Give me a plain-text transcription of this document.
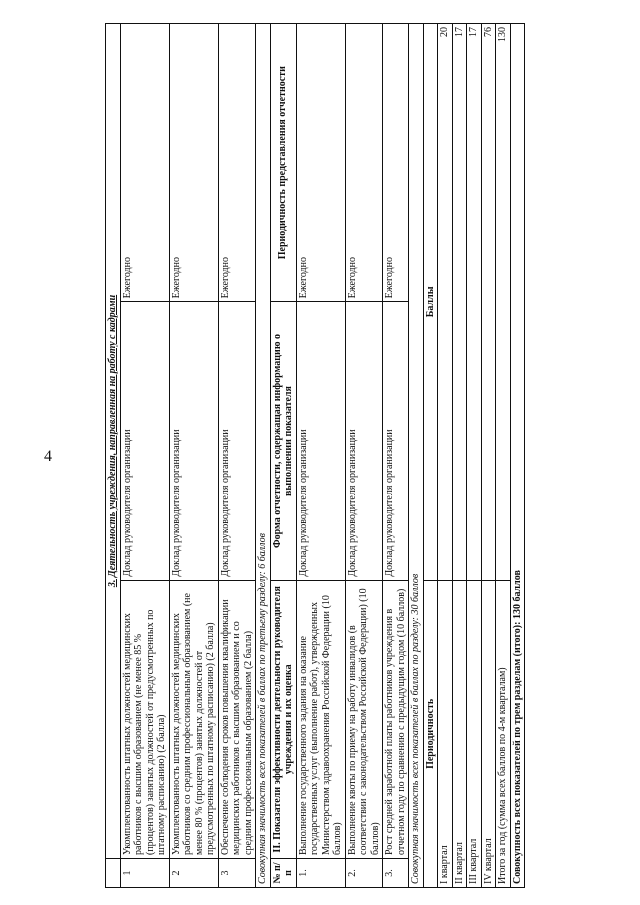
4
		3. Деятельность учреждения, направленная на работу с кадрами		
1	Укомплектованность штатных должностей медицинских работников с высшим образованием (не менее 85 % (процентов) занятых должностей от предусмотренных по штатному расписанию) (2 балла)	Доклад руководителя организации	Ежегодно
2	Укомплектованность штатных должностей медицинских работников со средним профессиональным образованием (не менее 80 % (процентов) занятых должностей от предусмотренных по штатному расписанию) (2 балла)	Доклад руководителя организации	Ежегодно
3	Обеспечение соблюдения сроков повышения квалификации медицинских работников с высшим образованием и со средним профессиональным образованием (2 балла)	Доклад руководителя организации	Ежегодно
Совокупная значимость всех показателей в баллах по третьему разделу: 6 баллов			
№ п/п	II. Показатели эффективности деятельности руководителя учреждения и их оценка	Форма отчетности, содержащая информацию о выполнении показателя	Периодичность представления отчетности
1.	Выполнение государственного задания на оказание государственных услуг (выполнение работ), утвержденных Министерством здравоохранения Российской Федерации (10 баллов)	Доклад руководителя организации	Ежегодно
2.	Выполнение квоты по приему на работу инвалидов (в соответствии с законодательством Российской Федерации) (10 баллов)	Доклад руководителя организации	Ежегодно
3.	Рост средней заработной платы работников учреждения в отчетном году по сравнению с предыдущим годом (10 баллов)	Доклад руководителя организации	Ежегодно
Совокупная значимость всех показателей в баллах по разделу: 30 баллов			
Периодичность		Баллы	
I квартал		20	
II квартал		17	
III квартал		17	
IV квартал		76	
Итого за год (сумма всех баллов по 4-м кварталам)		130	
Совокупность всех показателей по трем разделам (итого): 130 баллов			
